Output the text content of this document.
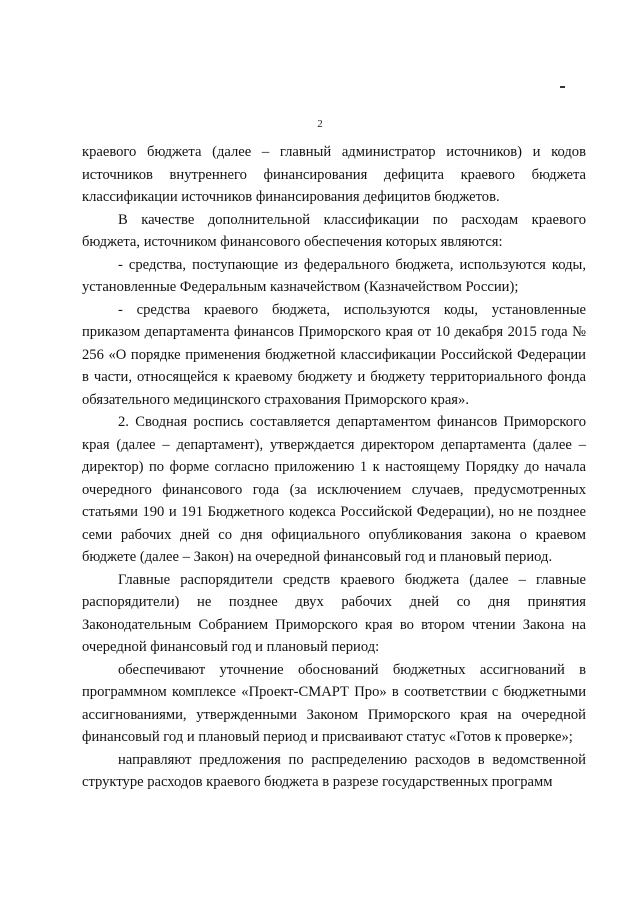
2

краевого бюджета (далее – главный администратор источников) и кодов источников внутреннего финансирования дефицита краевого бюджета классификации источников финансирования дефицитов бюджетов.

В качестве дополнительной классификации по расходам краевого бюджета, источником финансового обеспечения которых являются:

- средства, поступающие из федерального бюджета, используются коды, установленные Федеральным казначейством (Казначейством России);

- средства краевого бюджета, используются коды, установленные приказом департамента финансов Приморского края от 10 декабря 2015 года № 256 «О порядке применения бюджетной классификации Российской Федерации в части, относящейся к краевому бюджету и бюджету территориального фонда обязательного медицинского страхования Приморского края».

2. Сводная роспись составляется департаментом финансов Приморского края (далее – департамент), утверждается директором департамента (далее – директор) по форме согласно приложению 1 к настоящему Порядку до начала очередного финансового года (за исключением случаев, предусмотренных статьями 190 и 191 Бюджетного кодекса Российской Федерации), но не позднее семи рабочих дней со дня официального опубликования закона о краевом бюджете (далее – Закон) на очередной финансовый год и плановый период.

Главные распорядители средств краевого бюджета (далее – главные распорядители) не позднее двух рабочих дней со дня принятия Законодательным Собранием Приморского края во втором чтении Закона на очередной финансовый год и плановый период:

обеспечивают уточнение обоснований бюджетных ассигнований в программном комплексе «Проект-СМАРТ Про» в соответствии с бюджетными ассигнованиями, утвержденными Законом Приморского края на очередной финансовый год и плановый период и присваивают статус «Готов к проверке»;

направляют предложения по распределению расходов в ведомственной структуре расходов краевого бюджета в разрезе государственных программ
